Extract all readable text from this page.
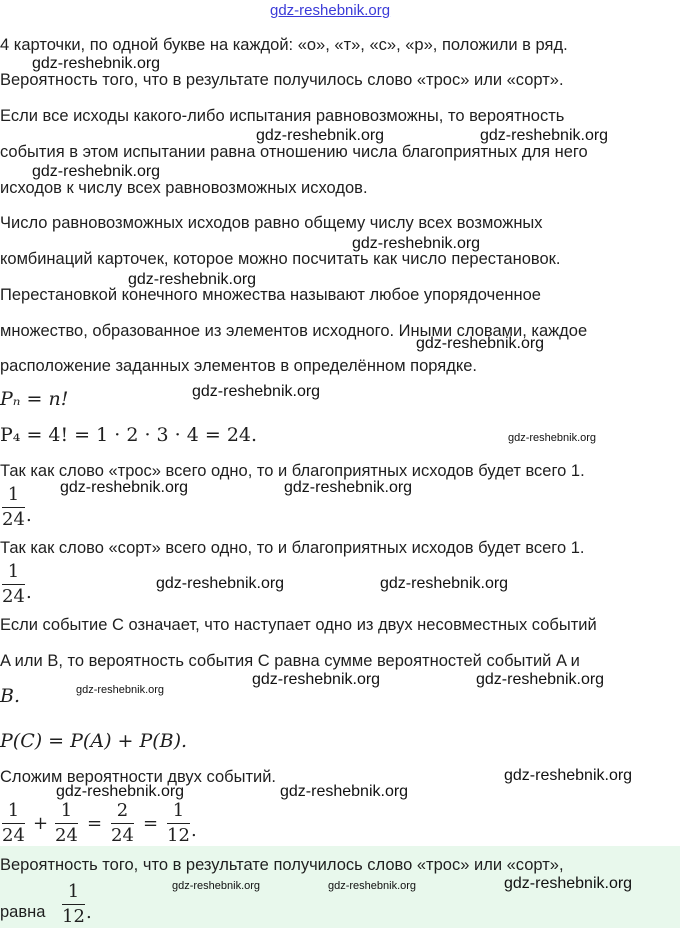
gdz-reshebnik.org
4 карточки, по одной букве на каждой: «о», «т», «с», «р», положили в ряд.
gdz-reshebnik.org
Вероятность того, что в результате получилось слово «трос» или «сорт».
Если все исходы какого-либо испытания равновозможны, то вероятность
gdz-reshebnik.org	gdz-reshebnik.org
события в этом испытании равна отношению числа благоприятных для него
gdz-reshebnik.org
исходов к числу всех равновозможных исходов.
Число равновозможных исходов равно общему числу всех возможных
gdz-reshebnik.org
комбинаций карточек, которое можно посчитать как число перестановок.
gdz-reshebnik.org
Перестановкой конечного множества называют любое упорядоченное
множество, образованное из элементов исходного. Иными словами, каждое
gdz-reshebnik.org
расположение заданных элементов в определённом порядке.
Pₙ = n!	gdz-reshebnik.org
P₄ = 4! = 1 · 2 · 3 · 4 = 24.	gdz-reshebnik.org
Так как слово «трос» всего одно, то и благоприятных исходов будет всего 1.
1
24 .
gdz-reshebnik.org	gdz-reshebnik.org
Так как слово «сорт» всего одно, то и благоприятных исходов будет всего 1.
1
24 .	gdz-reshebnik.org	gdz-reshebnik.org
Если событие C означает, что наступает одно из двух несовместных событий
A или B, то вероятность события C равна сумме вероятностей событий A и
B.	gdz-reshebnik.org
gdz-reshebnik.org	gdz-reshebnik.org
P(C) = P(A) + P(B).
Сложим вероятности двух событий.	gdz-reshebnik.org
gdz-reshebnik.org	gdz-reshebnik.org
1
24
+
1
24
=
2
24
=
1
12 .
Вероятность того, что в результате получилось слово «трос» или «сорт»,
gdz-reshebnik.org	gdz-reshebnik.org	gdz-reshebnik.org
равна
1
12 .
